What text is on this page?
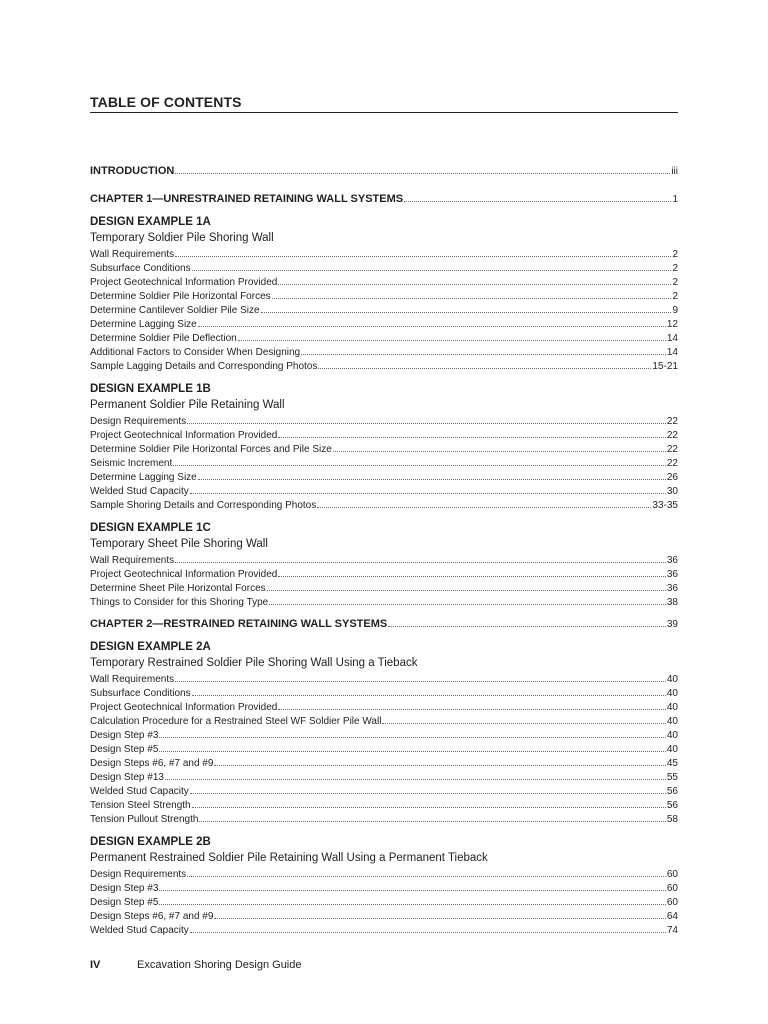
TABLE OF CONTENTS
INTRODUCTION	iii
CHAPTER 1—UNRESTRAINED RETAINING WALL SYSTEMS	1
DESIGN EXAMPLE 1A
Temporary Soldier Pile Shoring Wall
Wall Requirements	2
Subsurface Conditions	2
Project Geotechnical Information Provided	2
Determine Soldier Pile Horizontal Forces	2
Determine Cantilever Soldier Pile Size	9
Determine Lagging Size	12
Determine Soldier Pile Deflection	14
Additional Factors to Consider When Designing	14
Sample Lagging Details and Corresponding Photos	15-21
DESIGN EXAMPLE 1B
Permanent Soldier Pile Retaining Wall
Design Requirements	22
Project Geotechnical Information Provided	22
Determine Soldier Pile Horizontal Forces and Pile Size	22
Seismic Increment	22
Determine Lagging Size	26
Welded Stud Capacity	30
Sample Shoring Details and Corresponding Photos	33-35
DESIGN EXAMPLE 1C
Temporary Sheet Pile Shoring Wall
Wall Requirements	36
Project Geotechnical Information Provided	36
Determine Sheet Pile Horizontal Forces	36
Things to Consider for this Shoring Type	38
CHAPTER 2—RESTRAINED RETAINING WALL SYSTEMS	39
DESIGN EXAMPLE 2A
Temporary Restrained Soldier Pile Shoring Wall Using a Tieback
Wall Requirements	40
Subsurface Conditions	40
Project Geotechnical Information Provided	40
Calculation Procedure for a Restrained Steel WF Soldier Pile Wall	40
Design Step #3	40
Design Step #5	40
Design Steps #6, #7 and #9	45
Design Step #13	55
Welded Stud Capacity	56
Tension Steel Strength	56
Tension Pullout Strength	58
DESIGN EXAMPLE 2B
Permanent Restrained Soldier Pile Retaining Wall Using a Permanent Tieback
Design Requirements	60
Design Step #3	60
Design Step #5	60
Design Steps #6, #7 and #9	64
Welded Stud Capacity	74
IV	Excavation Shoring Design Guide
